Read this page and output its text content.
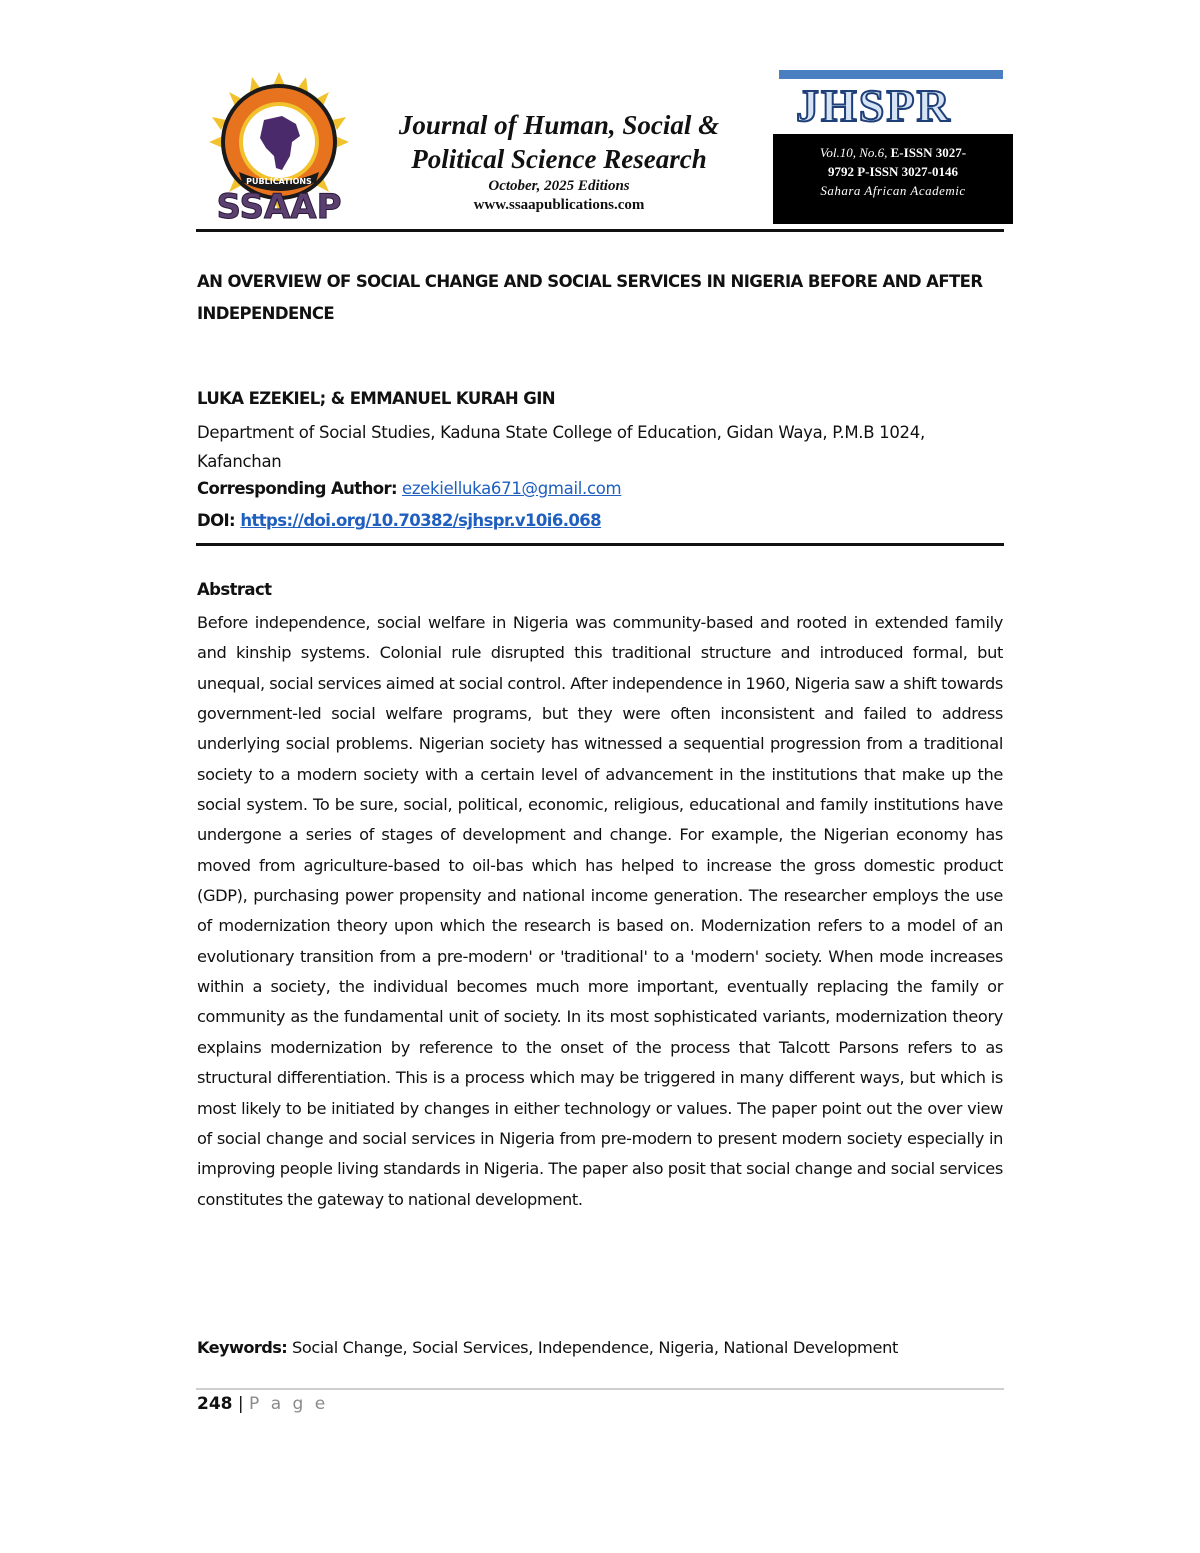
PUBLICATIONS
SSAAP
Journal of Human, Social &
Political Science Research
October, 2025 Editions
www.ssaapublications.com
JHSPR
Vol.10, No.6, E-ISSN 3027-
9792 P-ISSN 3027-0146
Sahara African Academic
AN OVERVIEW OF SOCIAL CHANGE AND SOCIAL SERVICES IN NIGERIA BEFORE AND AFTER INDEPENDENCE
LUKA EZEKIEL; & EMMANUEL KURAH GIN
Department of Social Studies, Kaduna State College of Education, Gidan Waya, P.M.B 1024, Kafanchan
Corresponding Author: ezekielluka671@gmail.com
DOI: https://doi.org/10.70382/sjhspr.v10i6.068
Abstract
Before independence, social welfare in Nigeria was community-based and rooted in extended family and kinship systems. Colonial rule disrupted this traditional structure and introduced formal, but unequal, social services aimed at social control. After independence in 1960, Nigeria saw a shift towards government-led social welfare programs, but they were often inconsistent and failed to address underlying social problems. Nigerian society has witnessed a sequential progression from a traditional society to a modern society with a certain level of advancement in the institutions that make up the social system. To be sure, social, political, economic, religious, educational and family institutions have undergone a series of stages of development and change. For example, the Nigerian economy has moved from agriculture-based to oil-bas which has helped to increase the gross domestic product (GDP), purchasing power propensity and national income generation. The researcher employs the use of modernization theory upon which the research is based on. Modernization refers to a model of an evolutionary transition from a pre-modern' or 'traditional' to a 'modern' society. When mode increases within a society, the individual becomes much more important, eventually replacing the family or community as the fundamental unit of society. In its most sophisticated variants, modernization theory explains modernization by reference to the onset of the process that Talcott Parsons refers to as structural differentiation. This is a process which may be triggered in many different ways, but which is most likely to be initiated by changes in either technology or values. The paper point out the over view of social change and social services in Nigeria from pre-modern to present modern society especially in improving people living standards in Nigeria. The paper also posit that social change and social services constitutes the gateway to national development.
Keywords: Social Change, Social Services, Independence, Nigeria, National Development
248 | P a g e
